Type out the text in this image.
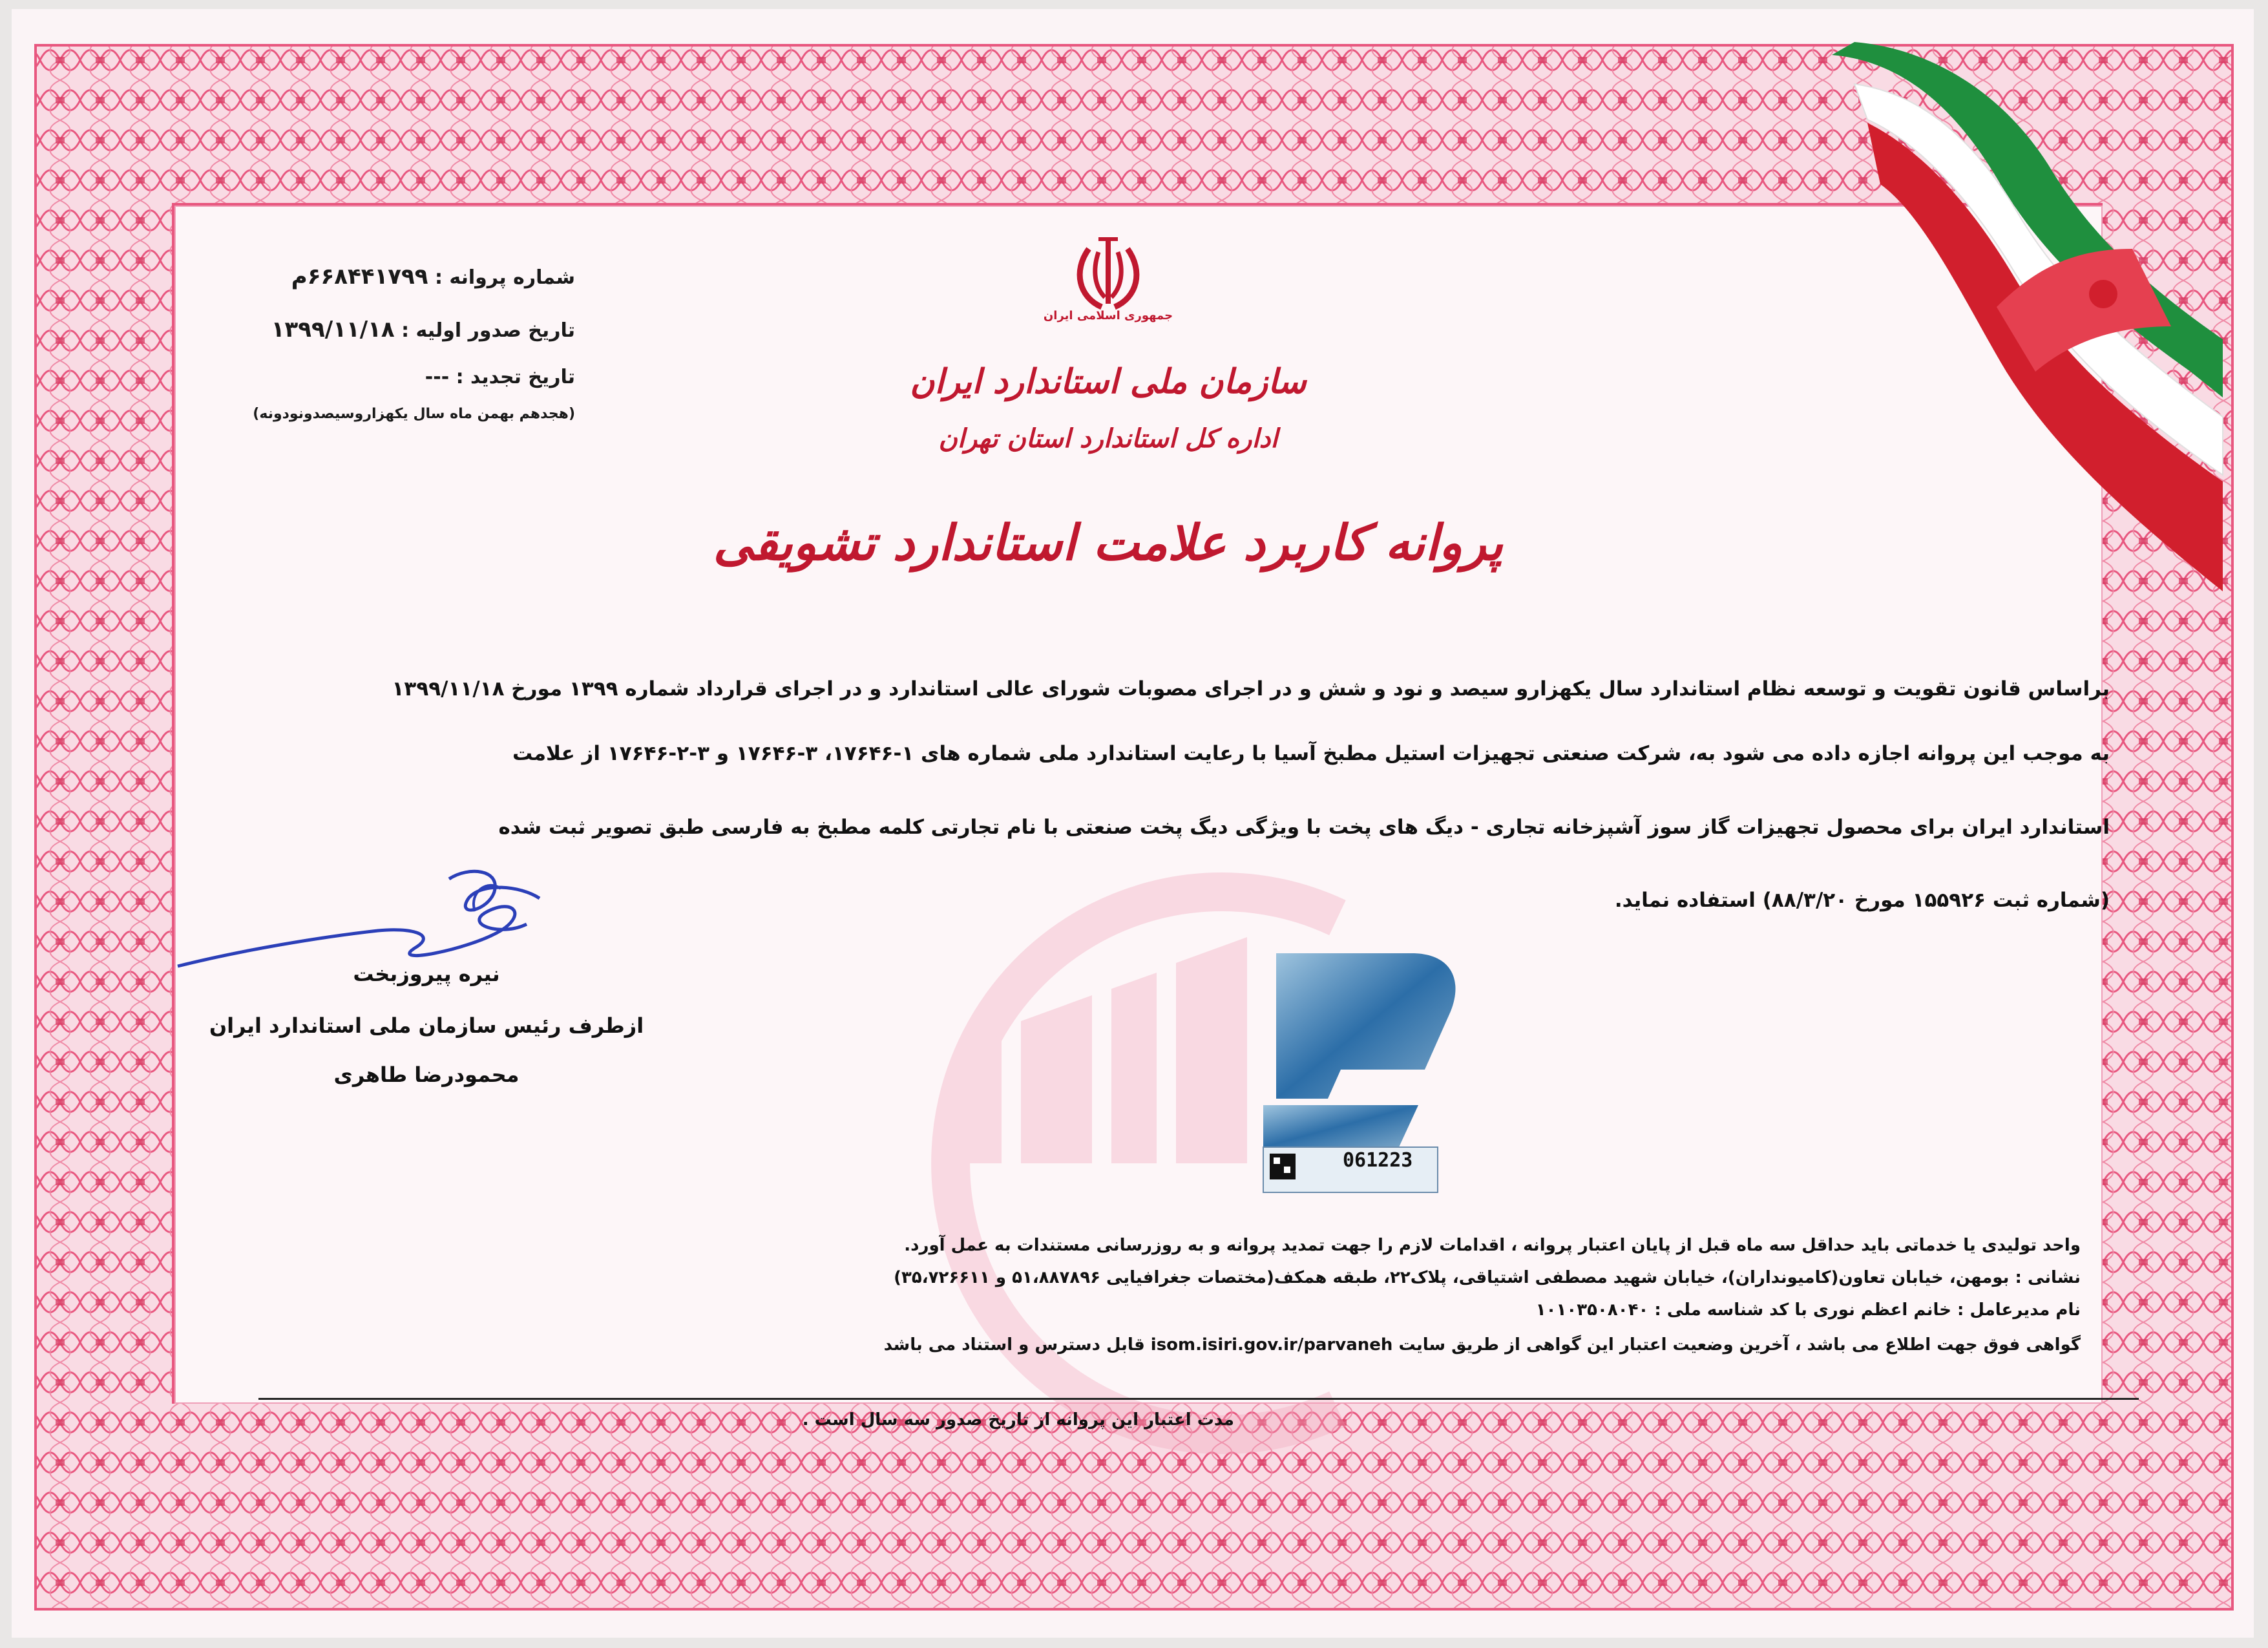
جمهوری اسلامی ایران
شماره پروانه : ۶۶۸۴۴۱۷۹۹م
تاریخ صدور اولیه : ۱۳۹۹/۱۱/۱۸
تاریخ تجدید : ---
(هجدهم بهمن ماه سال یکهزاروسیصدونودونه)
سازمان ملی استاندارد ایران
اداره کل استاندارد استان تهران
پروانه کاربرد علامت استاندارد تشویقی
براساس قانون تقویت و توسعه نظام استاندارد سال یکهزارو سیصد و نود و شش و در اجرای مصوبات شورای عالی استاندارد و در اجرای قرارداد شماره ۱۳۹۹ مورخ ۱۳۹۹/۱۱/۱۸
به موجب این پروانه اجازه داده می شود به، شرکت صنعتی تجهیزات استیل مطبخ آسیا با رعایت استاندارد ملی شماره های ۱-۱۷۶۴۶، ۳-۱۷۶۴۶ و ۳-۲-۱۷۶۴۶ از علامت
استاندارد ایران برای محصول تجهیزات گاز سوز آشپزخانه تجاری - دیگ های پخت با ویژگی دیگ پخت صنعتی با نام تجارتی کلمه مطبخ به فارسی طبق تصویر ثبت شده
(شماره ثبت ۱۵۵۹۲۶ مورخ ۸۸/۳/۲۰) استفاده نماید.
نیره پیروزبخت
ازطرف رئیس سازمان ملی استاندارد ایران
محمودرضا طاهری
061223
واحد تولیدی یا خدماتی باید حداقل سه ماه قبل از پایان اعتبار پروانه ، اقدامات لازم را جهت تمدید پروانه و به روزرسانی مستندات به عمل آورد.
نشانی : بومهن، خیابان تعاون(کامیونداران)، خیابان شهید مصطفی اشتیاقی، پلاک۲۲، طبقه همکف(مختصات جغرافیایی ۵۱،۸۸۷۸۹۶ و ۳۵،۷۲۶۶۱۱)
نام مدیرعامل : خانم اعظم نوری با کد شناسه ملی : ۱۰۱۰۳۵۰۸۰۴۰
گواهی فوق جهت اطلاع می باشد ، آخرین وضعیت اعتبار این گواهی از طریق سایت isom.isiri.gov.ir/parvaneh قابل دسترس و استناد می باشد
مدت اعتبار این پروانه از تاریخ صدور سه سال است .
